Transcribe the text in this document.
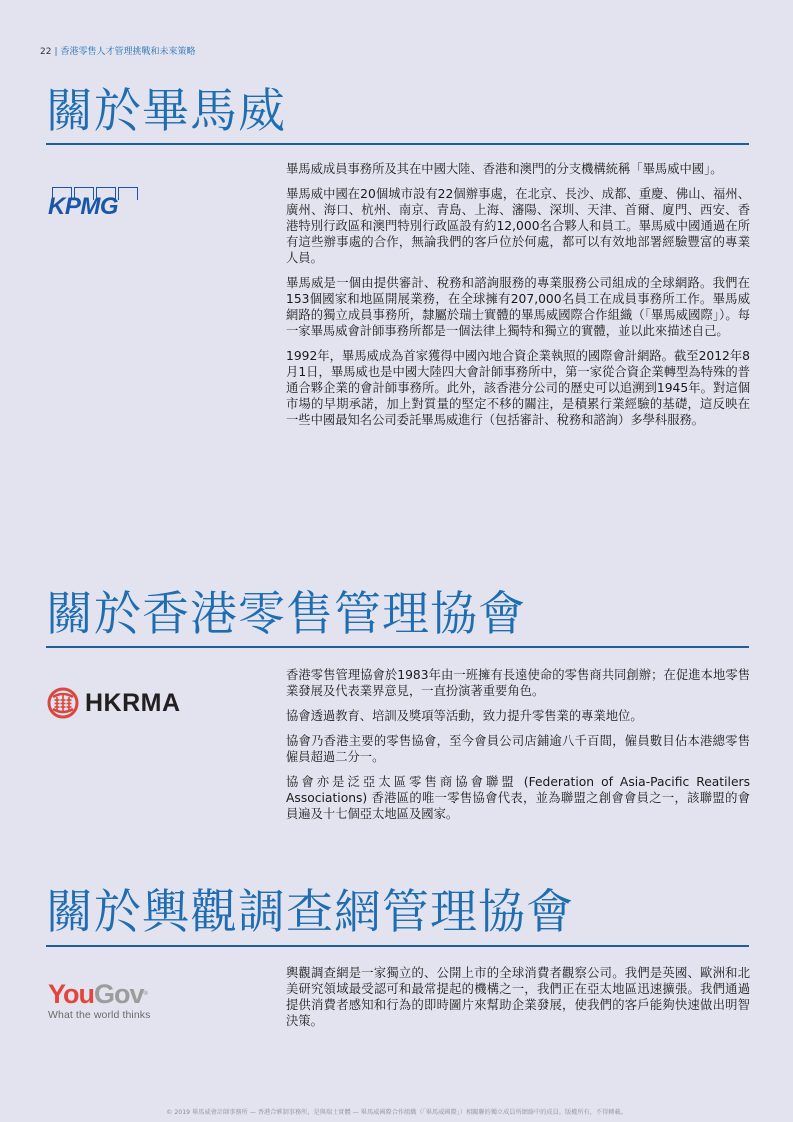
22 | 香港零售人才管理挑戰和未來策略
關於畢馬威
KPMG

畢馬威成員事務所及其在中國大陸、香港和澳門的分支機構統稱「畢馬威中國」。

畢馬威中國在20個城市設有22個辦事處，在北京、長沙、成都、重慶、佛山、福州、廣州、海口、杭州、南京、青島、上海、瀋陽、深圳、天津、首爾、廈門、西安、香港特別行政區和澳門特別行政區設有約12,000名合夥人和員工。畢馬威中國通過在所有這些辦事處的合作，無論我們的客戶位於何處，都可以有效地部署經驗豐富的專業人員。

畢馬威是一個由提供審計、稅務和諮詢服務的專業服務公司組成的全球網路。我們在153個國家和地區開展業務，在全球擁有207,000名員工在成員事務所工作。畢馬威網路的獨立成員事務所，隸屬於瑞士實體的畢馬威國際合作組織（「畢馬威國際」）。每一家畢馬威會計師事務所都是一個法律上獨特和獨立的實體，並以此來描述自己。

1992年，畢馬威成為首家獲得中國內地合資企業執照的國際會計網路。截至2012年8月1日，畢馬威也是中國大陸四大會計師事務所中，第一家從合資企業轉型為特殊的普通合夥企業的會計師事務所。此外，該香港分公司的歷史可以追溯到1945年。對這個市場的早期承諾，加上對質量的堅定不移的關注，是積累行業經驗的基礎，這反映在一些中國最知名公司委託畢馬威進行（包括審計、稅務和諮詢）多學科服務。

關於香港零售管理協會
HKRMA

香港零售管理協會於1983年由一班擁有長遠使命的零售商共同創辦；在促進本地零售業發展及代表業界意見，一直扮演著重要角色。

協會透過教育、培訓及獎項等活動，致力提升零售業的專業地位。

協會乃香港主要的零售協會，至今會員公司店鋪逾八千百間，僱員數目佔本港總零售僱員超過二分一。

協會亦是泛亞太區零售商協會聯盟 (Federation of Asia-Pacific Reatilers Associations) 香港區的唯一零售協會代表，並為聯盟之創會會員之一，該聯盟的會員遍及十七個亞太地區及國家。

關於輿觀調查網管理協會
YouGov®
What the world thinks

輿觀調查網是一家獨立的、公開上市的全球消費者觀察公司。我們是英國、歐洲和北美研究領域最受認可和最常提起的機構之一，我們正在亞太地區迅速擴張。我們通過提供消費者感知和行為的即時圖片來幫助企業發展，使我們的客戶能夠快速做出明智決策。

© 2019 畢馬威會計師事務所 — 香港合夥制事務所，是與瑞士實體 — 畢馬威國際合作組織（「畢馬威國際」）相關聯的獨立成員所網絡中的成員。版權所有，不得轉載。
